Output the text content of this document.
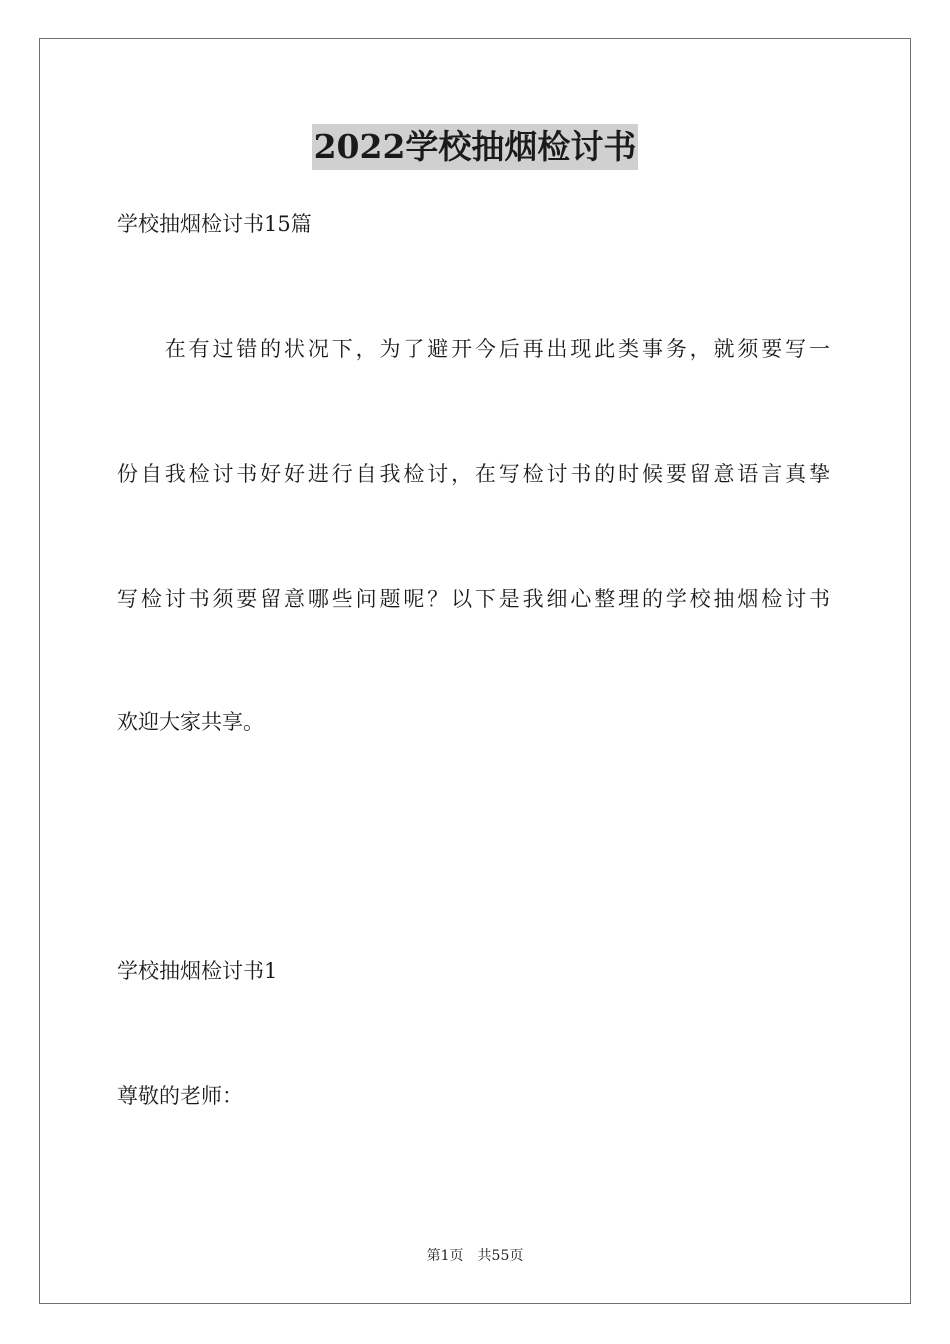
2022学校抽烟检讨书
学校抽烟检讨书15篇
　　在有过错的状况下，为了避开今后再出现此类事务，就须要写一
份自我检讨书好好进行自我检讨，在写检讨书的时候要留意语言真挚
写检讨书须要留意哪些问题呢？以下是我细心整理的学校抽烟检讨书
欢迎大家共享。
学校抽烟检讨书1
尊敬的老师：
第1页 共55页
